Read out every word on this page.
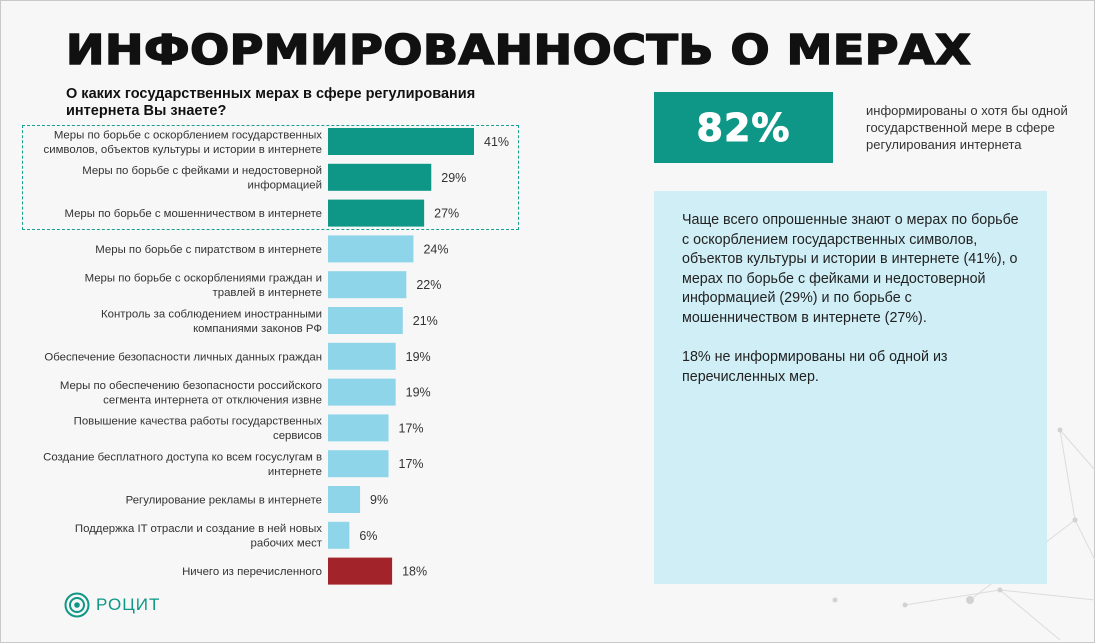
ИНФОРМИРОВАННОСТЬ О МЕРАХ
О каких государственных мерах в сфере регулирования интернета Вы знаете?
41%
Меры по борьбе с оскорблением государственных символов, объектов культуры и истории в интернете
29%
Меры по борьбе с фейками и недостоверной информацией
27%
Меры по борьбе с мошенничеством в интернете
24%
Меры по борьбе с пиратством в интернете
22%
Меры по борьбе с оскорблениями граждан и травлей в интернете
21%
Контроль за соблюдением иностранными компаниями законов РФ
19%
Обеспечение безопасности личных данных граждан
19%
Меры по обеспечению безопасности российского сегмента интернета от отключения извне
17%
Повышение качества работы государственных сервисов
17%
Создание бесплатного доступа ко всем госуслугам в интернете
9%
Регулирование рекламы в интернете
6%
Поддержка IT отрасли и создание в ней новых рабочих мест
18%
Ничего из перечисленного
82%	информированы о хотя бы одной государственной мере в сфере регулирования интернета

Чаще всего опрошенные знают о мерах по борьбе с оскорблением государственных символов, объектов культуры и истории в интернете (41%), о мерах по борьбе с фейками и недостоверной информацией (29%) и по борьбе с мошенничеством в интернете (27%).

18% не информированы ни об одной из перечисленных мер.

РОЦИТ
